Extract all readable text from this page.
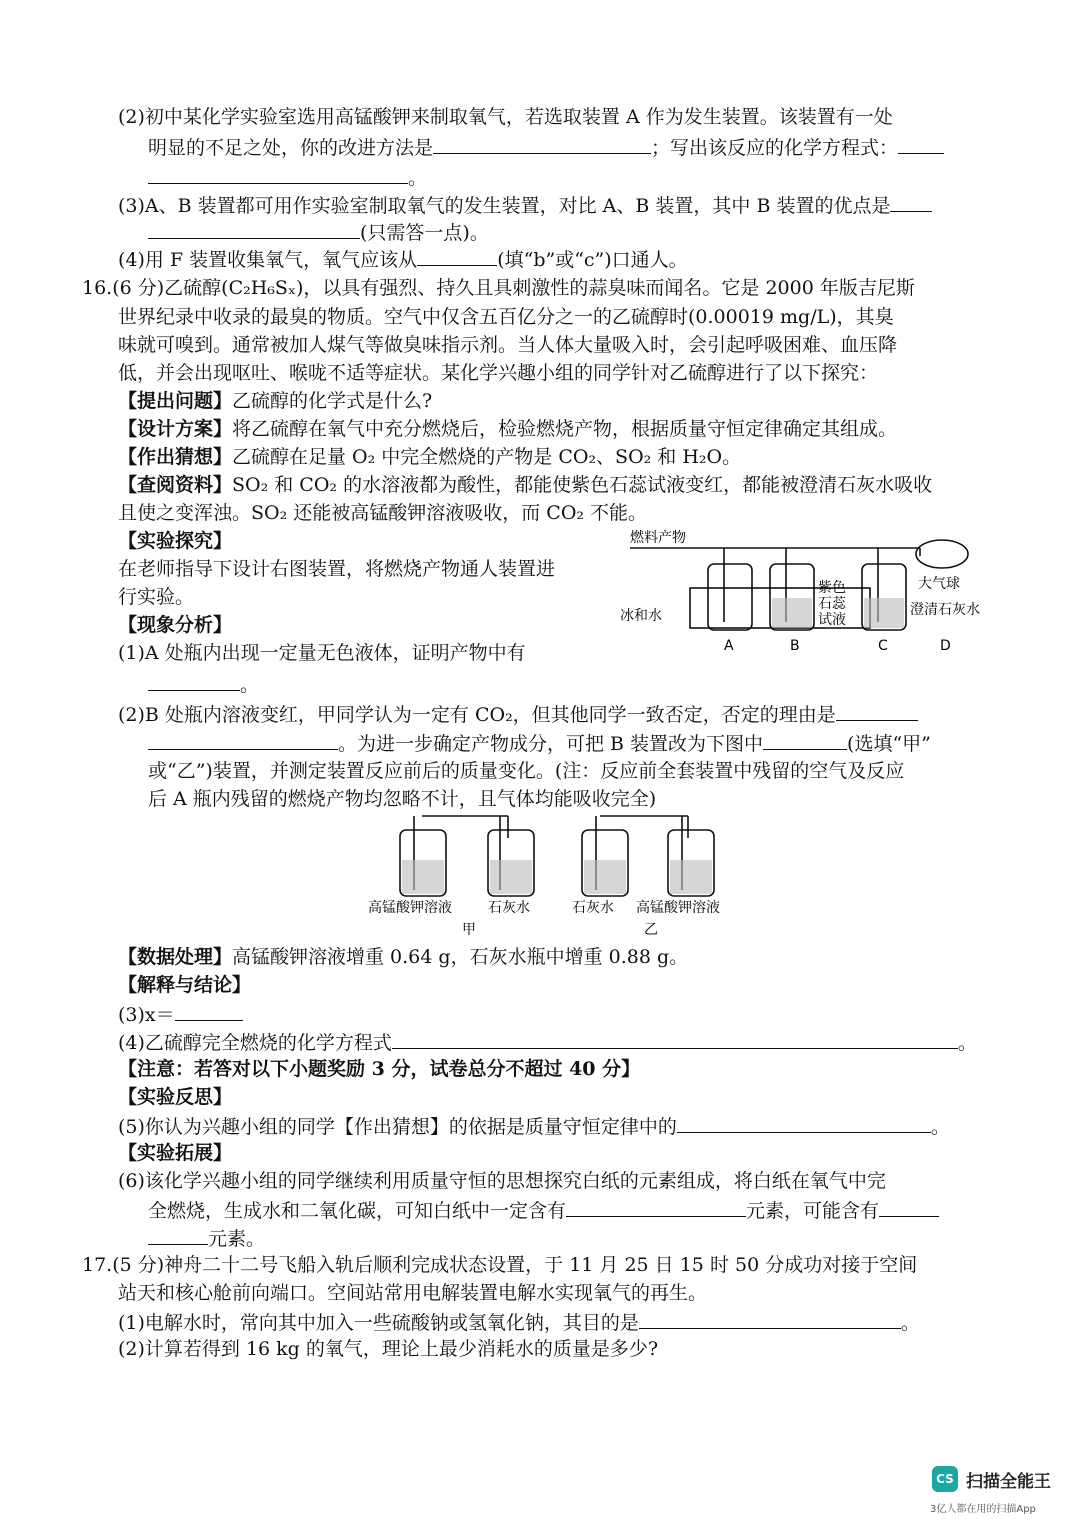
(2)初中某化学实验室选用高锰酸钾来制取氧气，若选取装置 A 作为发生装置。该装置有一处
明显的不足之处，你的改进方法是	；写出该反应的化学方程式：
。
(3)A、B 装置都可用作实验室制取氧气的发生装置，对比 A、B 装置，其中 B 装置的优点是
(只需答一点)。
(4)用 F 装置收集氧气，氧气应该从	(填“b”或“c”)口通人。
16.(6 分)乙硫醇(C₂H₆Sₓ)，以具有强烈、持久且具刺激性的蒜臭味而闻名。它是 2000 年版吉尼斯
世界纪录中收录的最臭的物质。空气中仅含五百亿分之一的乙硫醇时(0.00019 mg/L)，其臭
味就可嗅到。通常被加人煤气等做臭味指示剂。当人体大量吸入时，会引起呼吸困难、血压降
低，并会出现呕吐、喉咙不适等症状。某化学兴趣小组的同学针对乙硫醇进行了以下探究：
【提出问题】乙硫醇的化学式是什么?
【设计方案】将乙硫醇在氧气中充分燃烧后，检验燃烧产物，根据质量守恒定律确定其组成。
【作出猜想】乙硫醇在足量 O₂ 中完全燃烧的产物是 CO₂、SO₂ 和 H₂O。
【查阅资料】SO₂ 和 CO₂ 的水溶液都为酸性，都能使紫色石蕊试液变红，都能被澄清石灰水吸收
且使之变浑浊。SO₂ 还能被高锰酸钾溶液吸收，而 CO₂ 不能。
【实验探究】
在老师指导下设计右图装置，将燃烧产物通人装置进
行实验。
【现象分析】
(1)A 处瓶内出现一定量无色液体，证明产物中有
。
燃料产物
冰和水
紫色石蕊试液
大气球
澄清石灰水
A	B	C	D
(2)B 处瓶内溶液变红，甲同学认为一定有 CO₂，但其他同学一致否定，否定的理由是
。为进一步确定产物成分，可把 B 装置改为下图中	(选填“甲”
或“乙”)装置，并测定装置反应前后的质量变化。(注：反应前全套装置中残留的空气及反应
后 A 瓶内残留的燃烧产物均忽略不计，且气体均能吸收完全)
高锰酸钾溶液	石灰水
甲
石灰水 高锰酸钾溶液
乙
【数据处理】高锰酸钾溶液增重 0.64 g，石灰水瓶中增重 0.88 g。
【解释与结论】
(3)x＝
(4)乙硫醇完全燃烧的化学方程式	。
【注意：若答对以下小题奖励 3 分，试卷总分不超过 40 分】
【实验反思】
(5)你认为兴趣小组的同学【作出猜想】的依据是质量守恒定律中的	。
【实验拓展】
(6)该化学兴趣小组的同学继续利用质量守恒的思想探究白纸的元素组成，将白纸在氧气中完
全燃烧，生成水和二氧化碳，可知白纸中一定含有	元素，可能含有
元素。
17.(5 分)神舟二十二号飞船入轨后顺利完成状态设置，于 11 月 25 日 15 时 50 分成功对接于空间
站天和核心舱前向端口。空间站常用电解装置电解水实现氧气的再生。
(1)电解水时，常向其中加入一些硫酸钠或氢氧化钠，其目的是	。
(2)计算若得到 16 kg 的氧气，理论上最少消耗水的质量是多少?
CS 扫描全能王
3亿人都在用的扫描App
